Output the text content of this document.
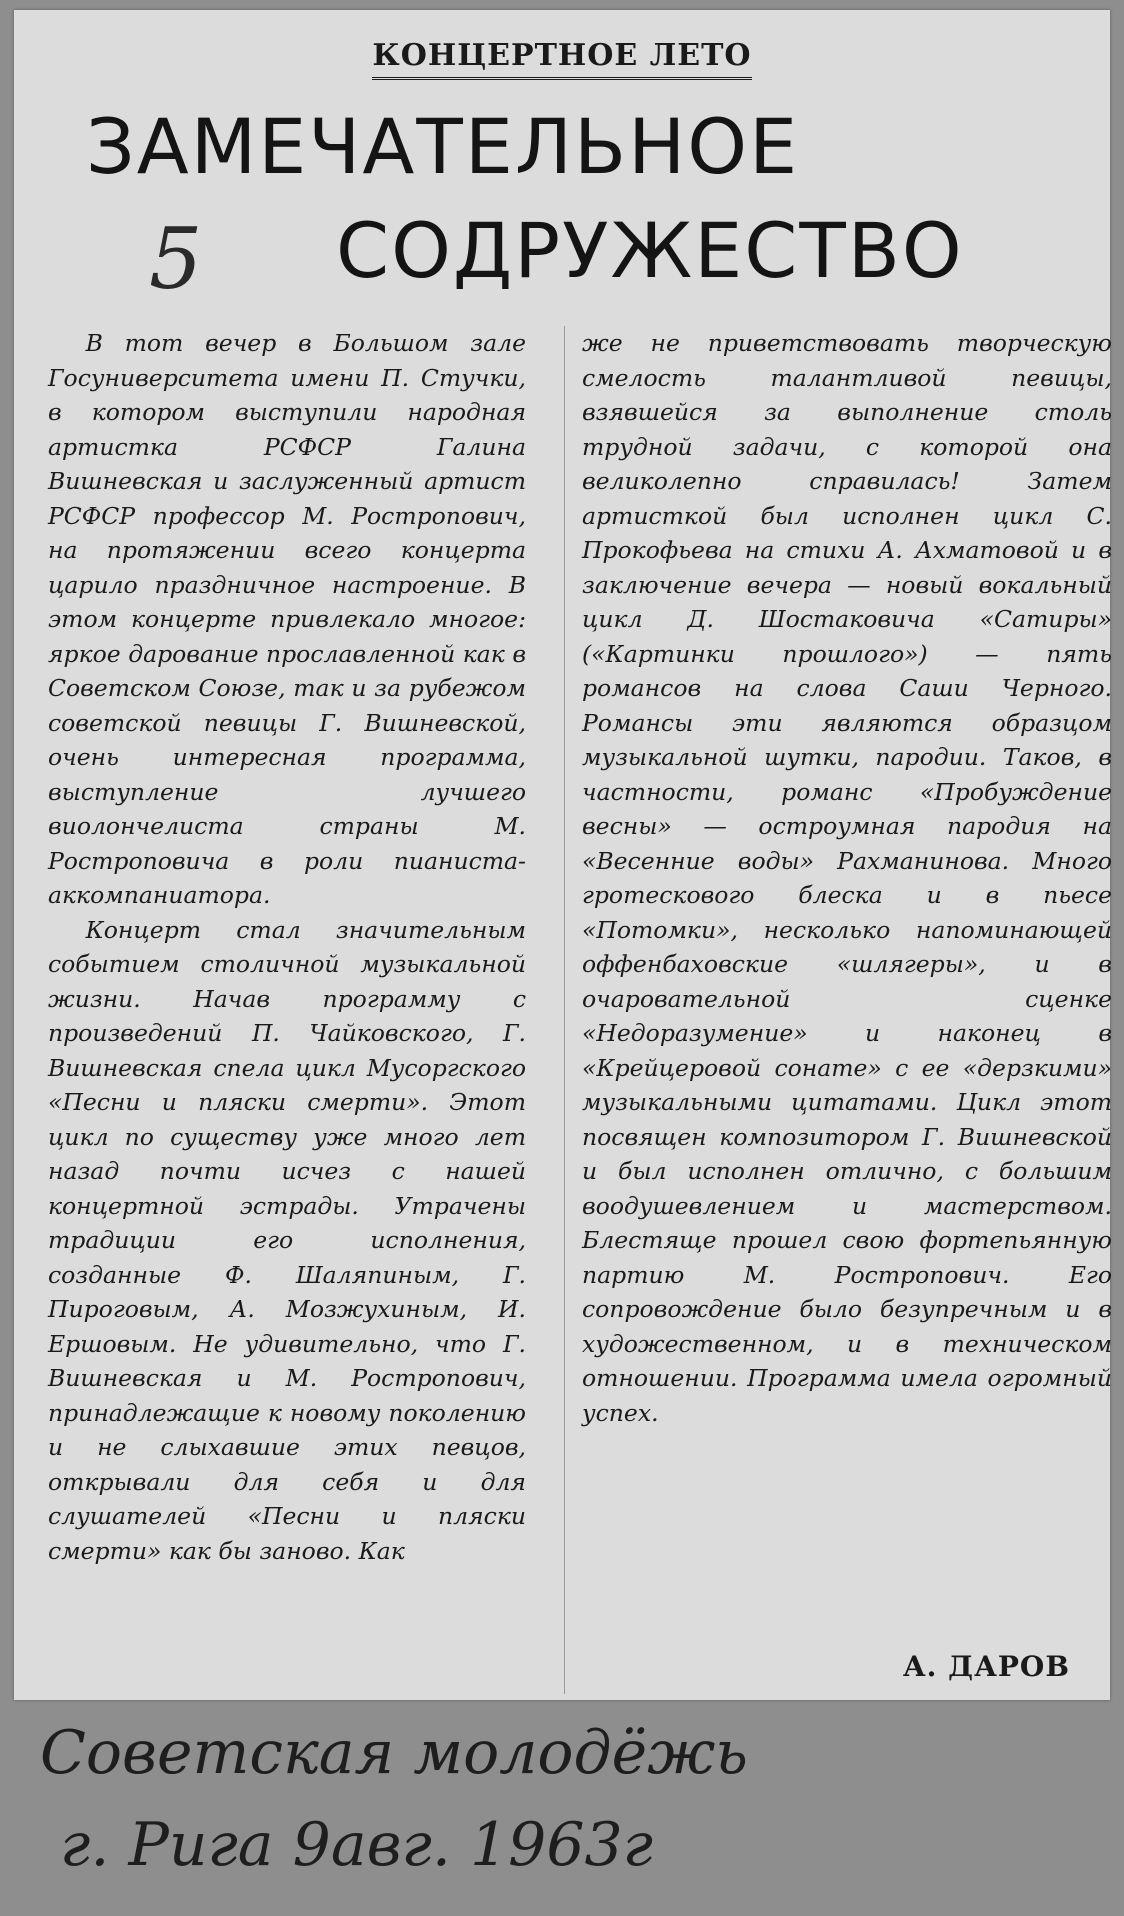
КОНЦЕРТНОЕ ЛЕТО
ЗАМЕЧАТЕЛЬНОЕ
5 СОДРУЖЕСТВО

В тот вечер в Большом зале Госуниверситета имени П. Стучки, в котором выступили народная артистка РСФСР Галина Вишневская и заслуженный артист РСФСР профессор М. Ростропович, на протяжении всего концерта царило праздничное настроение. В этом концерте привлекало многое: яркое дарование прославленной как в Советском Союзе, так и за рубежом советской певицы Г. Вишневской, очень интересная программа, выступление лучшего виолончелиста страны М. Ростроповича в роли пианиста-аккомпаниатора.

Концерт стал значительным событием столичной музыкальной жизни. Начав программу с произведений П. Чайковского, Г. Вишневская спела цикл Мусоргского «Песни и пляски смерти». Этот цикл по существу уже много лет назад почти исчез с нашей концертной эстрады. Утрачены традиции его исполнения, созданные Ф. Шаляпиным, Г. Пироговым, А. Мозжухиным, И. Ершовым. Не удивительно, что Г. Вишневская и М. Ростропович, принадлежащие к новому поколению и не слыхавшие этих певцов, открывали для себя и для слушателей «Песни и пляски смерти» как бы заново. Как

же не приветствовать творческую смелость талантливой певицы, взявшейся за выполнение столь трудной задачи, с которой она великолепно справилась! Затем артисткой был исполнен цикл С. Прокофьева на стихи А. Ахматовой и в заключение вечера — новый вокальный цикл Д. Шостаковича «Сатиры» («Картинки прошлого») — пять романсов на слова Саши Черного. Романсы эти являются образцом музыкальной шутки, пародии. Таков, в частности, романс «Пробуждение весны» — остроумная пародия на «Весенние воды» Рахманинова. Много гротескового блеска и в пьесе «Потомки», несколько напоминающей оффенбаховские «шлягеры», и в очаровательной сценке «Недоразумение» и наконец в «Крейцеровой сонате» с ее «дерзкими» музыкальными цитатами. Цикл этот посвящен композитором Г. Вишневской и был исполнен отлично, с большим воодушевлением и мастерством. Блестяще прошел свою фортепьянную партию М. Ростропович. Его сопровождение было безупречным и в художественном, и в техническом отношении. Программа имела огромный успех.

А. ДАРОВ
Советская молодёжь
г. Рига 9авг. 1963г
